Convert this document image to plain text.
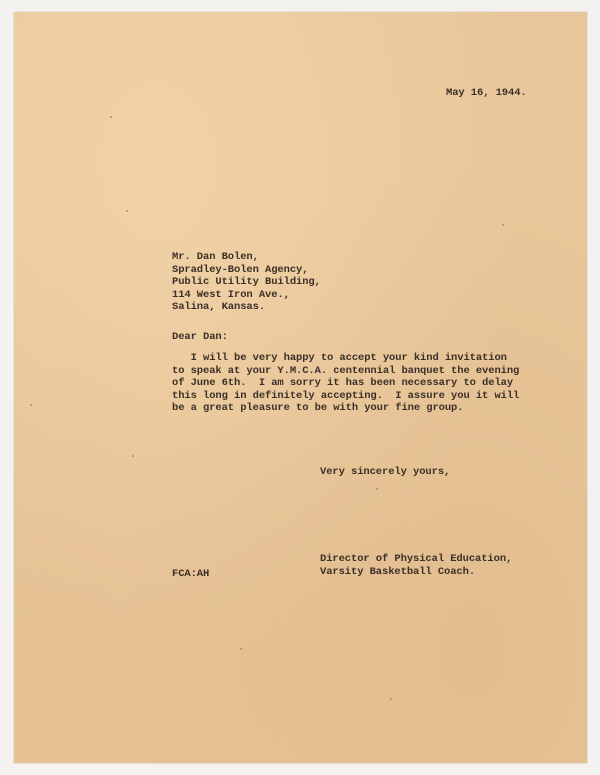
May 16, 1944.
Mr. Dan Bolen,
Spradley-Bolen Agency,
Public Utility Building,
114 West Iron Ave.,
Salina, Kansas.
Dear Dan:
I will be very happy to accept your kind invitation
to speak at your Y.M.C.A. centennial banquet the evening
of June 6th.  I am sorry it has been necessary to delay
this long in definitely accepting.  I assure you it will
be a great pleasure to be with your fine group.
Very sincerely yours,
Director of Physical Education,
Varsity Basketball Coach.
FCA:AH
